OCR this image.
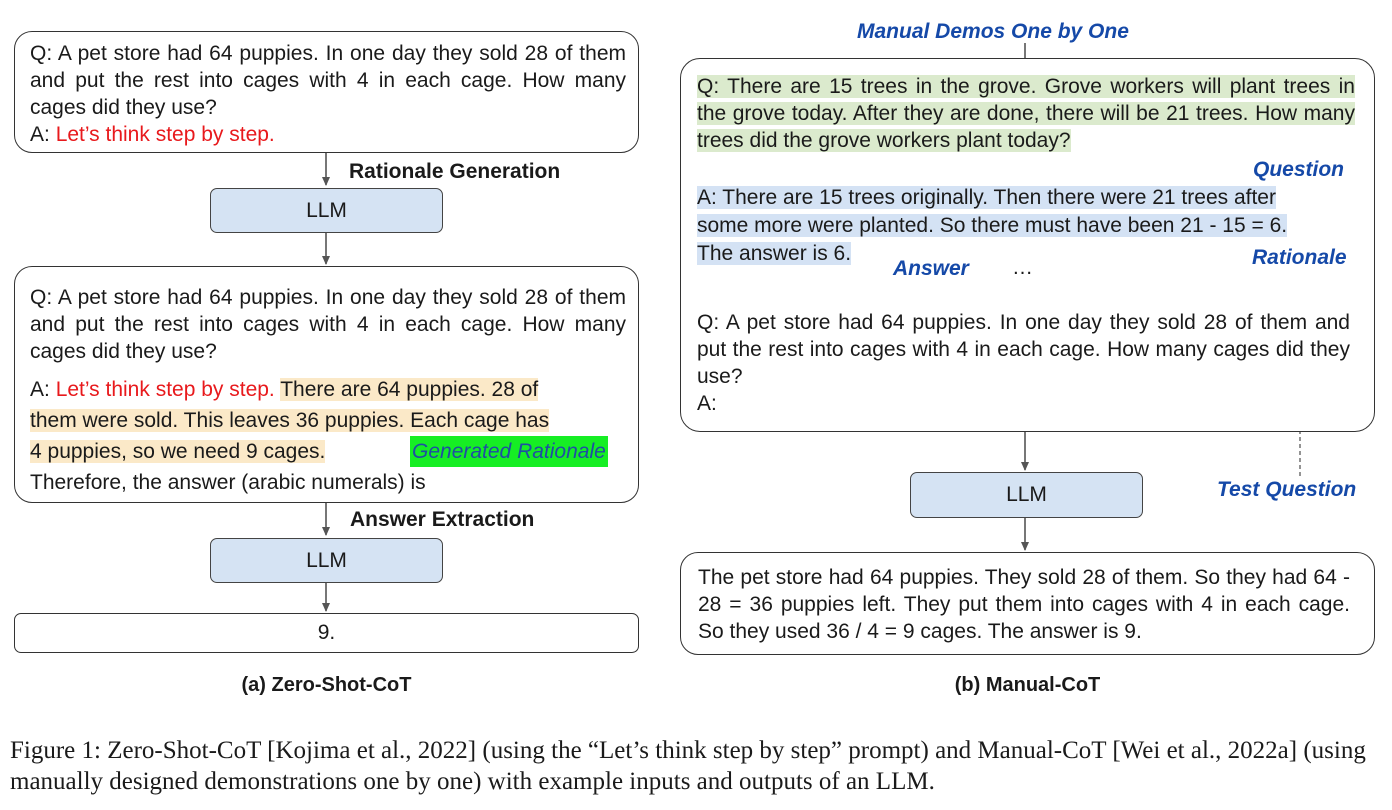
Q: A pet store had 64 puppies. In one day they sold 28 of them and put the rest into cages with 4 in each cage. How many cages did they use?
A: Let’s think step by step.
Rationale Generation
LLM
Q: A pet store had 64 puppies. In one day they sold 28 of them and put the rest into cages with 4 in each cage. How many cages did they use?
A: Let’s think step by step. There are 64 puppies. 28 of
them were sold. This leaves 36 puppies. Each cage has
4 puppies, so we need 9 cages.	Generated Rationale
Therefore, the answer (arabic numerals) is
Answer Extraction
LLM
9.
(a) Zero-Shot-CoT
Manual Demos One by One
Q: There are 15 trees in the grove. Grove workers will plant trees in the grove today. After they are done, there will be 21 trees. How many trees did the grove workers plant today?
Question
A: There are 15 trees originally. Then there were 21 trees after
some more were planted. So there must have been 21 - 15 = 6.
The answer is 6.	Rationale
Answer …
Q: A pet store had 64 puppies. In one day they sold 28 of them and put the rest into cages with 4 in each cage. How many cages did they use?
A:
Test Question
LLM
The pet store had 64 puppies. They sold 28 of them. So they had 64 - 28 = 36 puppies left. They put them into cages with 4 in each cage. So they used 36 / 4 = 9 cages. The answer is 9.
(b) Manual-CoT
Figure 1: Zero-Shot-CoT [Kojima et al., 2022] (using the “Let’s think step by step” prompt) and Manual-CoT [Wei et al., 2022a] (using manually designed demonstrations one by one) with example inputs and outputs of an LLM.
